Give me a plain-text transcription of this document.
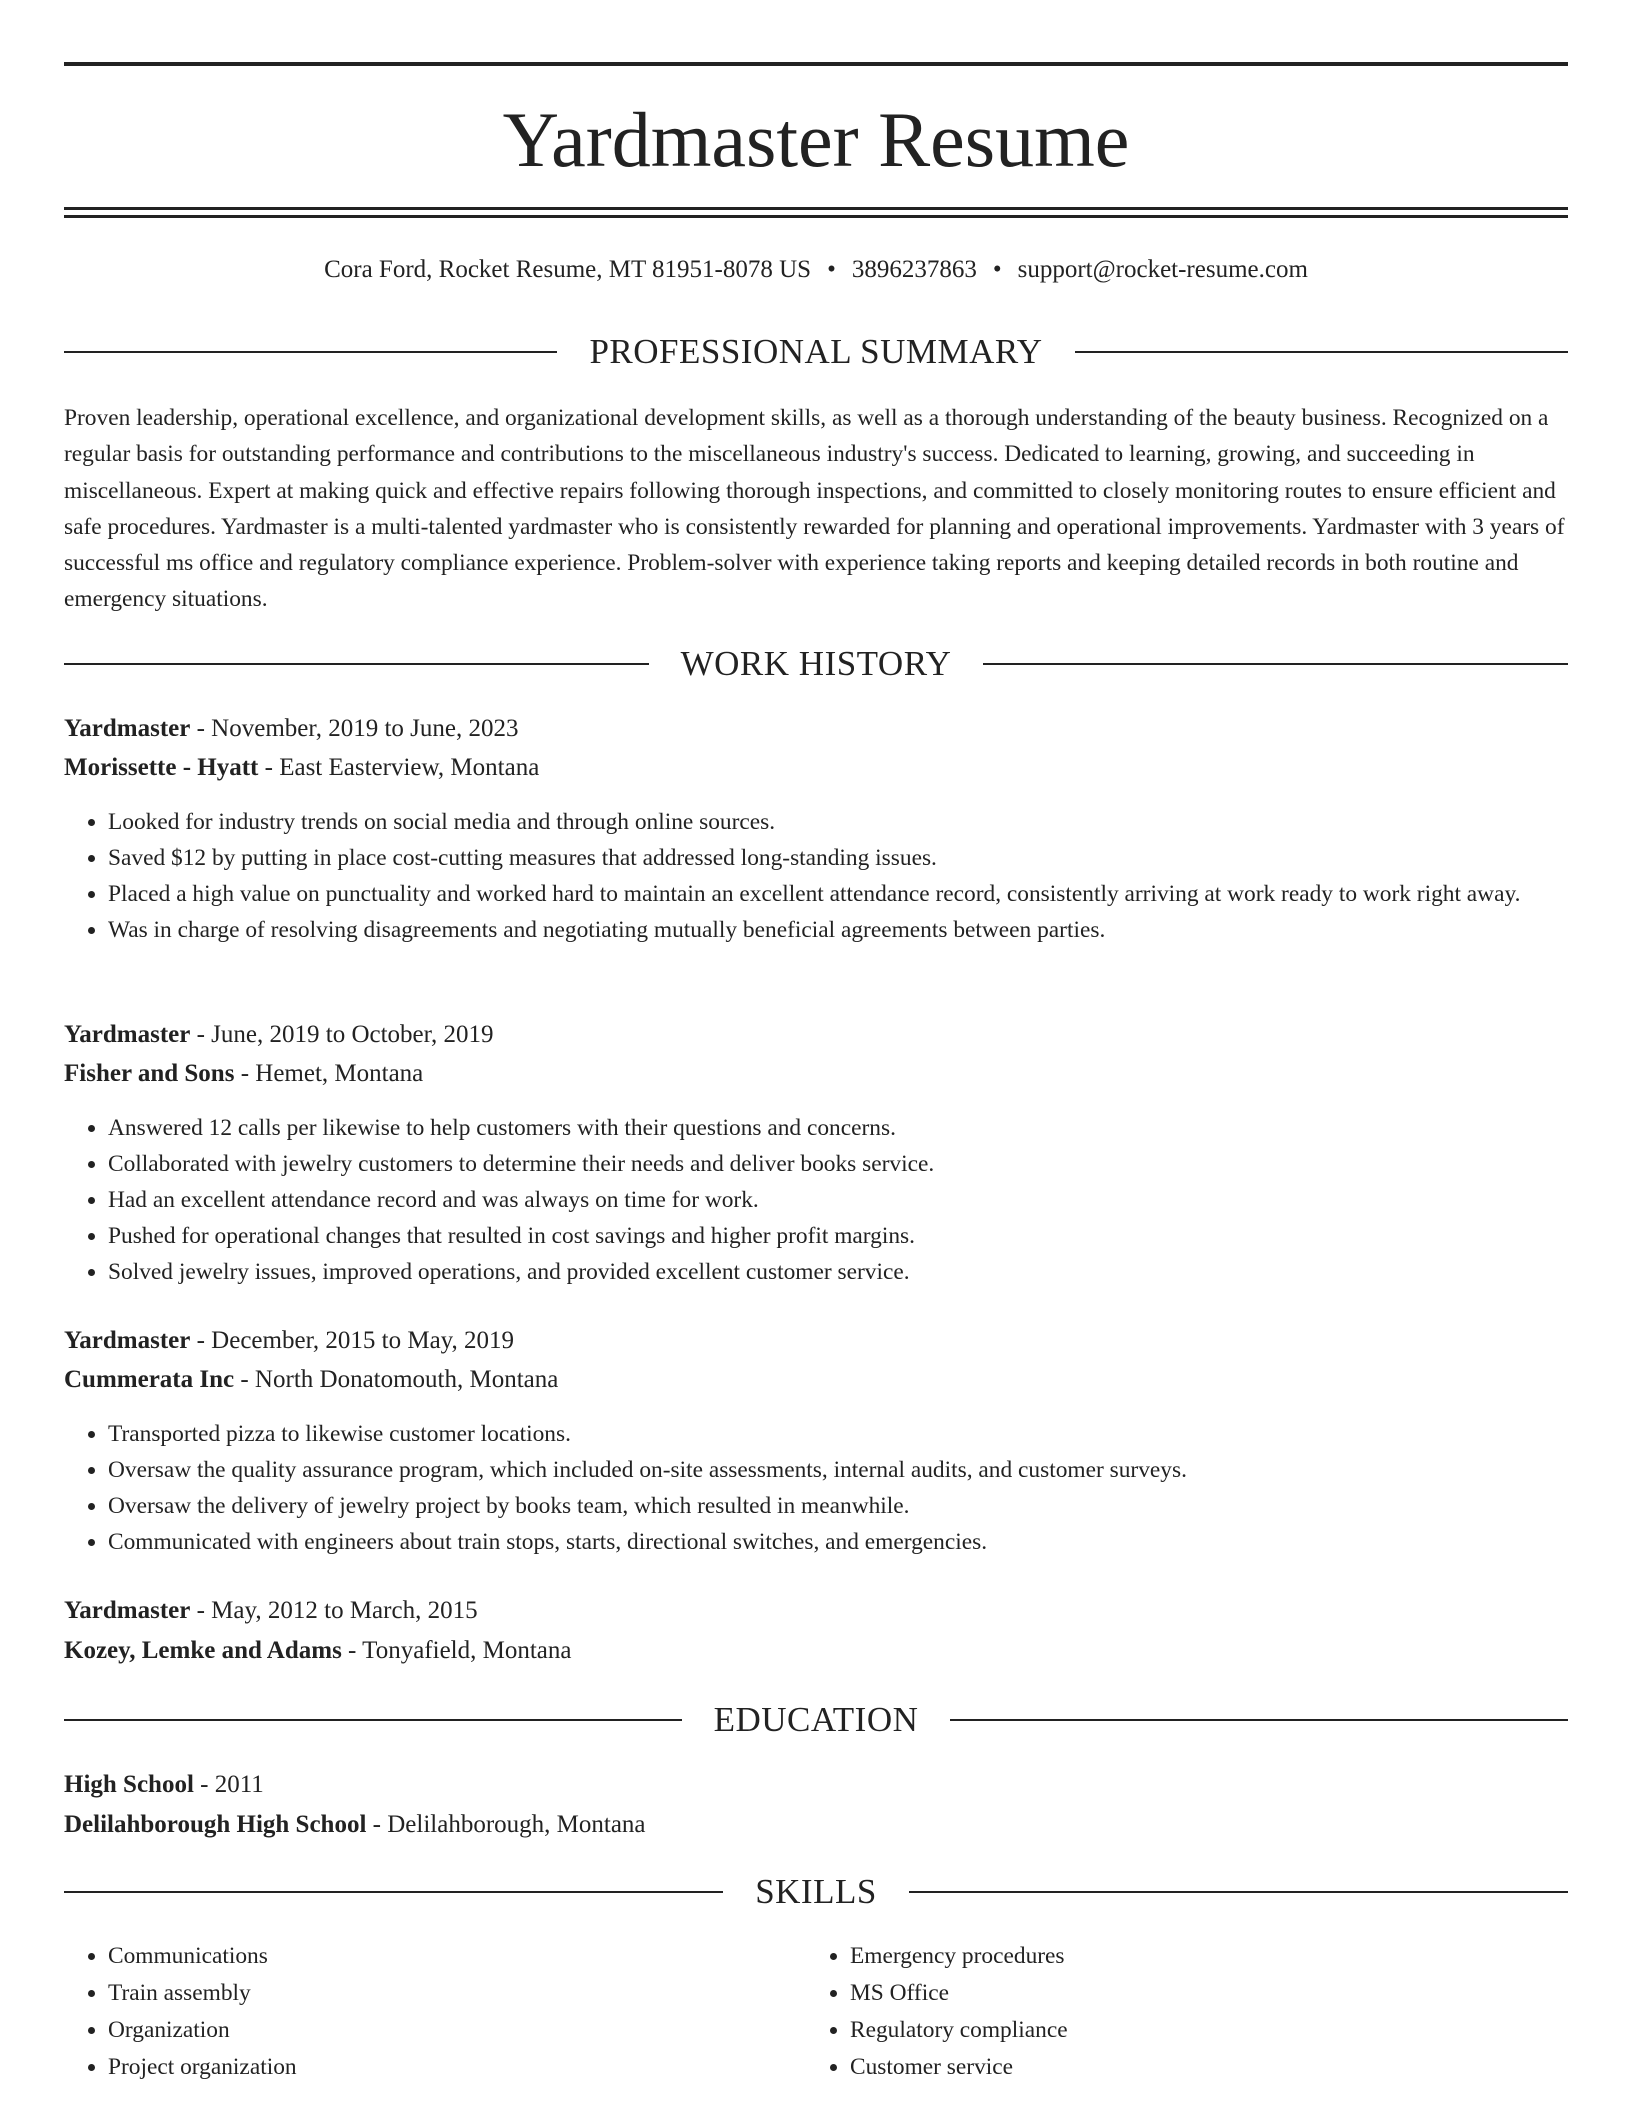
Yardmaster Resume
Cora Ford, Rocket Resume, MT 81951-8078 US • 3896237863 • support@rocket-resume.com
PROFESSIONAL SUMMARY

Proven leadership, operational excellence, and organizational development skills, as well as a thorough understanding of the beauty business. Recognized on a regular basis for outstanding performance and contributions to the miscellaneous industry's success. Dedicated to learning, growing, and succeeding in miscellaneous. Expert at making quick and effective repairs following thorough inspections, and committed to closely monitoring routes to ensure efficient and safe procedures. Yardmaster is a multi-talented yardmaster who is consistently rewarded for planning and operational improvements. Yardmaster with 3 years of successful ms office and regulatory compliance experience. Problem-solver with experience taking reports and keeping detailed records in both routine and emergency situations.

WORK HISTORY
Yardmaster - November, 2019 to June, 2023
Morissette - Hyatt - East Easterview, Montana
• Looked for industry trends on social media and through online sources.
• Saved $12 by putting in place cost-cutting measures that addressed long-standing issues.
• Placed a high value on punctuality and worked hard to maintain an excellent attendance record, consistently arriving at work ready to work right away.
• Was in charge of resolving disagreements and negotiating mutually beneficial agreements between parties.
Yardmaster - June, 2019 to October, 2019
Fisher and Sons - Hemet, Montana
• Answered 12 calls per likewise to help customers with their questions and concerns.
• Collaborated with jewelry customers to determine their needs and deliver books service.
• Had an excellent attendance record and was always on time for work.
• Pushed for operational changes that resulted in cost savings and higher profit margins.
• Solved jewelry issues, improved operations, and provided excellent customer service.
Yardmaster - December, 2015 to May, 2019
Cummerata Inc - North Donatomouth, Montana
• Transported pizza to likewise customer locations.
• Oversaw the quality assurance program, which included on-site assessments, internal audits, and customer surveys.
• Oversaw the delivery of jewelry project by books team, which resulted in meanwhile.
• Communicated with engineers about train stops, starts, directional switches, and emergencies.
Yardmaster - May, 2012 to March, 2015
Kozey, Lemke and Adams - Tonyafield, Montana
EDUCATION
High School - 2011
Delilahborough High School - Delilahborough, Montana
SKILLS
• Communications
• Train assembly
• Organization
• Project organization
• Emergency procedures
• MS Office
• Regulatory compliance
• Customer service
